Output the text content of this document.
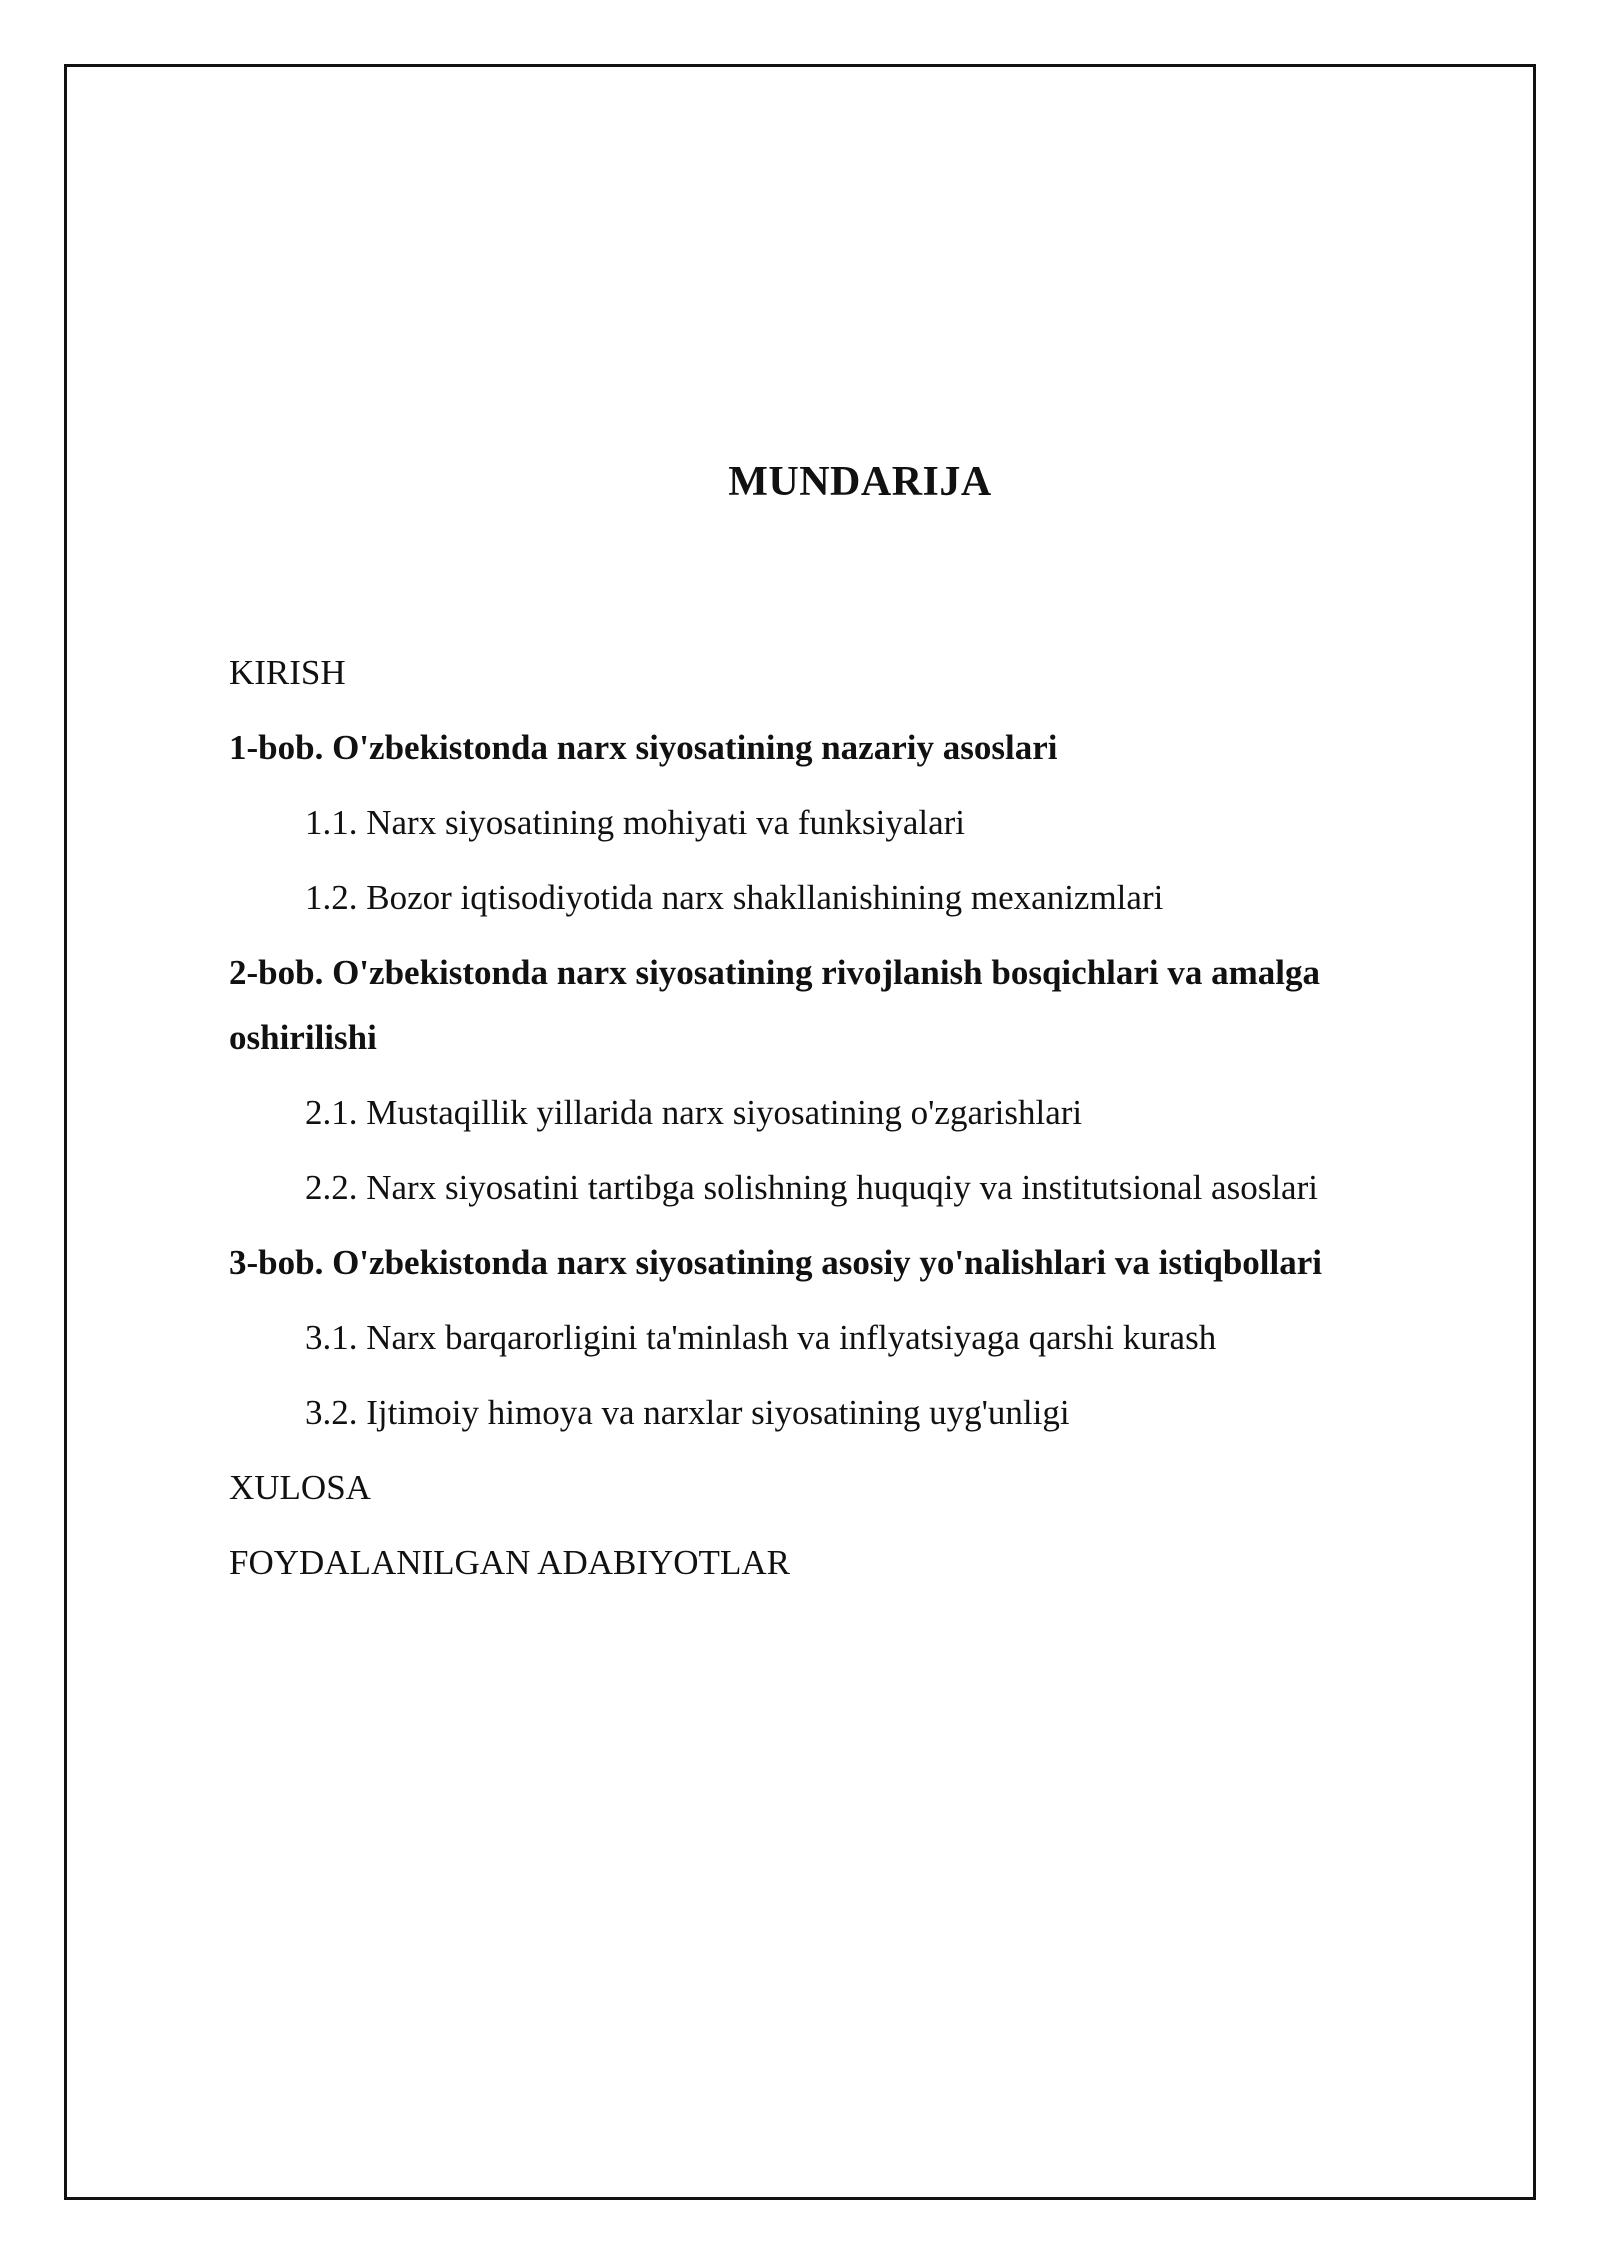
MUNDARIJA
KIRISH
1-bob. O'zbekistonda narx siyosatining nazariy asoslari
1.1. Narx siyosatining mohiyati va funksiyalari
1.2. Bozor iqtisodiyotida narx shakllanishining mexanizmlari
2-bob. O'zbekistonda narx siyosatining rivojlanish bosqichlari va amalga oshirilishi
2.1. Mustaqillik yillarida narx siyosatining o'zgarishlari
2.2. Narx siyosatini tartibga solishning huquqiy va institutsional asoslari
3-bob. O'zbekistonda narx siyosatining asosiy yo'nalishlari va istiqbollari
3.1. Narx barqarorligini ta'minlash va inflyatsiyaga qarshi kurash
3.2. Ijtimoiy himoya va narxlar siyosatining uyg'unligi
XULOSA
FOYDALANILGAN ADABIYOTLAR
